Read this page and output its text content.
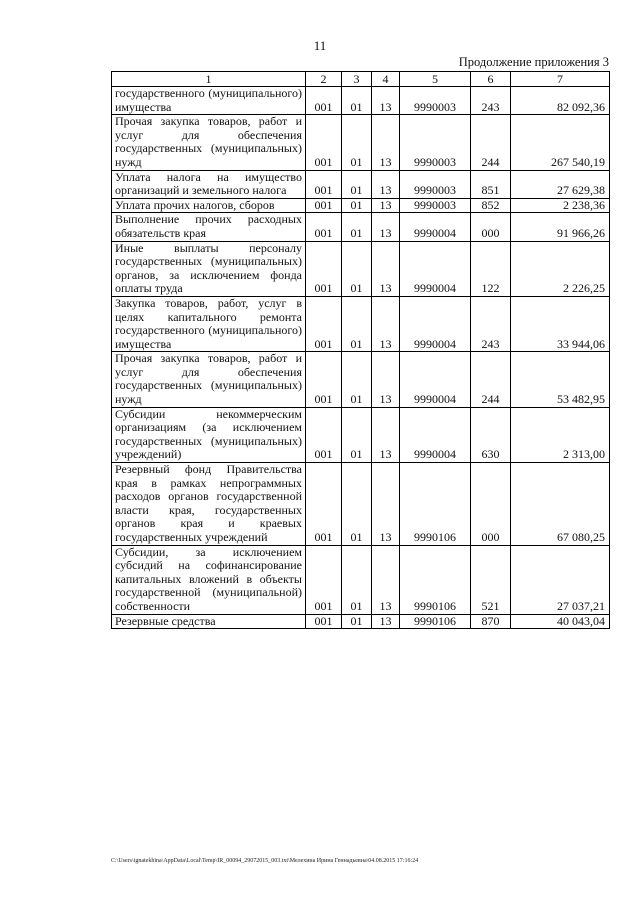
11
Продолжение приложения 3
1	2	3	4	5	6	7
государственного (муниципального) имущества	001	01	13	9990003	243	82 092,36
Прочая закупка товаров, работ и услуг для обеспечения государственных (муниципальных) нужд	001	01	13	9990003	244	267 540,19
Уплата налога на имущество организаций и земельного налога	001	01	13	9990003	851	27 629,38
Уплата прочих налогов, сборов	001	01	13	9990003	852	2 238,36
Выполнение прочих расходных обязательств края	001	01	13	9990004	000	91 966,26
Иные выплаты персоналу государственных (муниципальных) органов, за исключением фонда оплаты труда	001	01	13	9990004	122	2 226,25
Закупка товаров, работ, услуг в целях капитального ремонта государственного (муниципального) имущества	001	01	13	9990004	243	33 944,06
Прочая закупка товаров, работ и услуг для обеспечения государственных (муниципальных) нужд	001	01	13	9990004	244	53 482,95
Субсидии некоммерческим организациям (за исключением государственных (муниципальных) учреждений)	001	01	13	9990004	630	2 313,00
Резервный фонд Правительства края в рамках непрограммных расходов органов государственной власти края, государственных органов края и краевых государственных учреждений	001	01	13	9990106	000	67 080,25
Субсидии, за исключением субсидий на софинансирование капитальных вложений в объекты государственной (муниципальной) собственности	001	01	13	9990106	521	27 037,21
Резервные средства	001	01	13	9990106	870	40 043,04
C:\Users\ignatekhina\AppData\Local\Temp\IR_00094_29072015_003.txt\Мелехина Ирина Геннадьевна\04.08.2015 17:16:24
